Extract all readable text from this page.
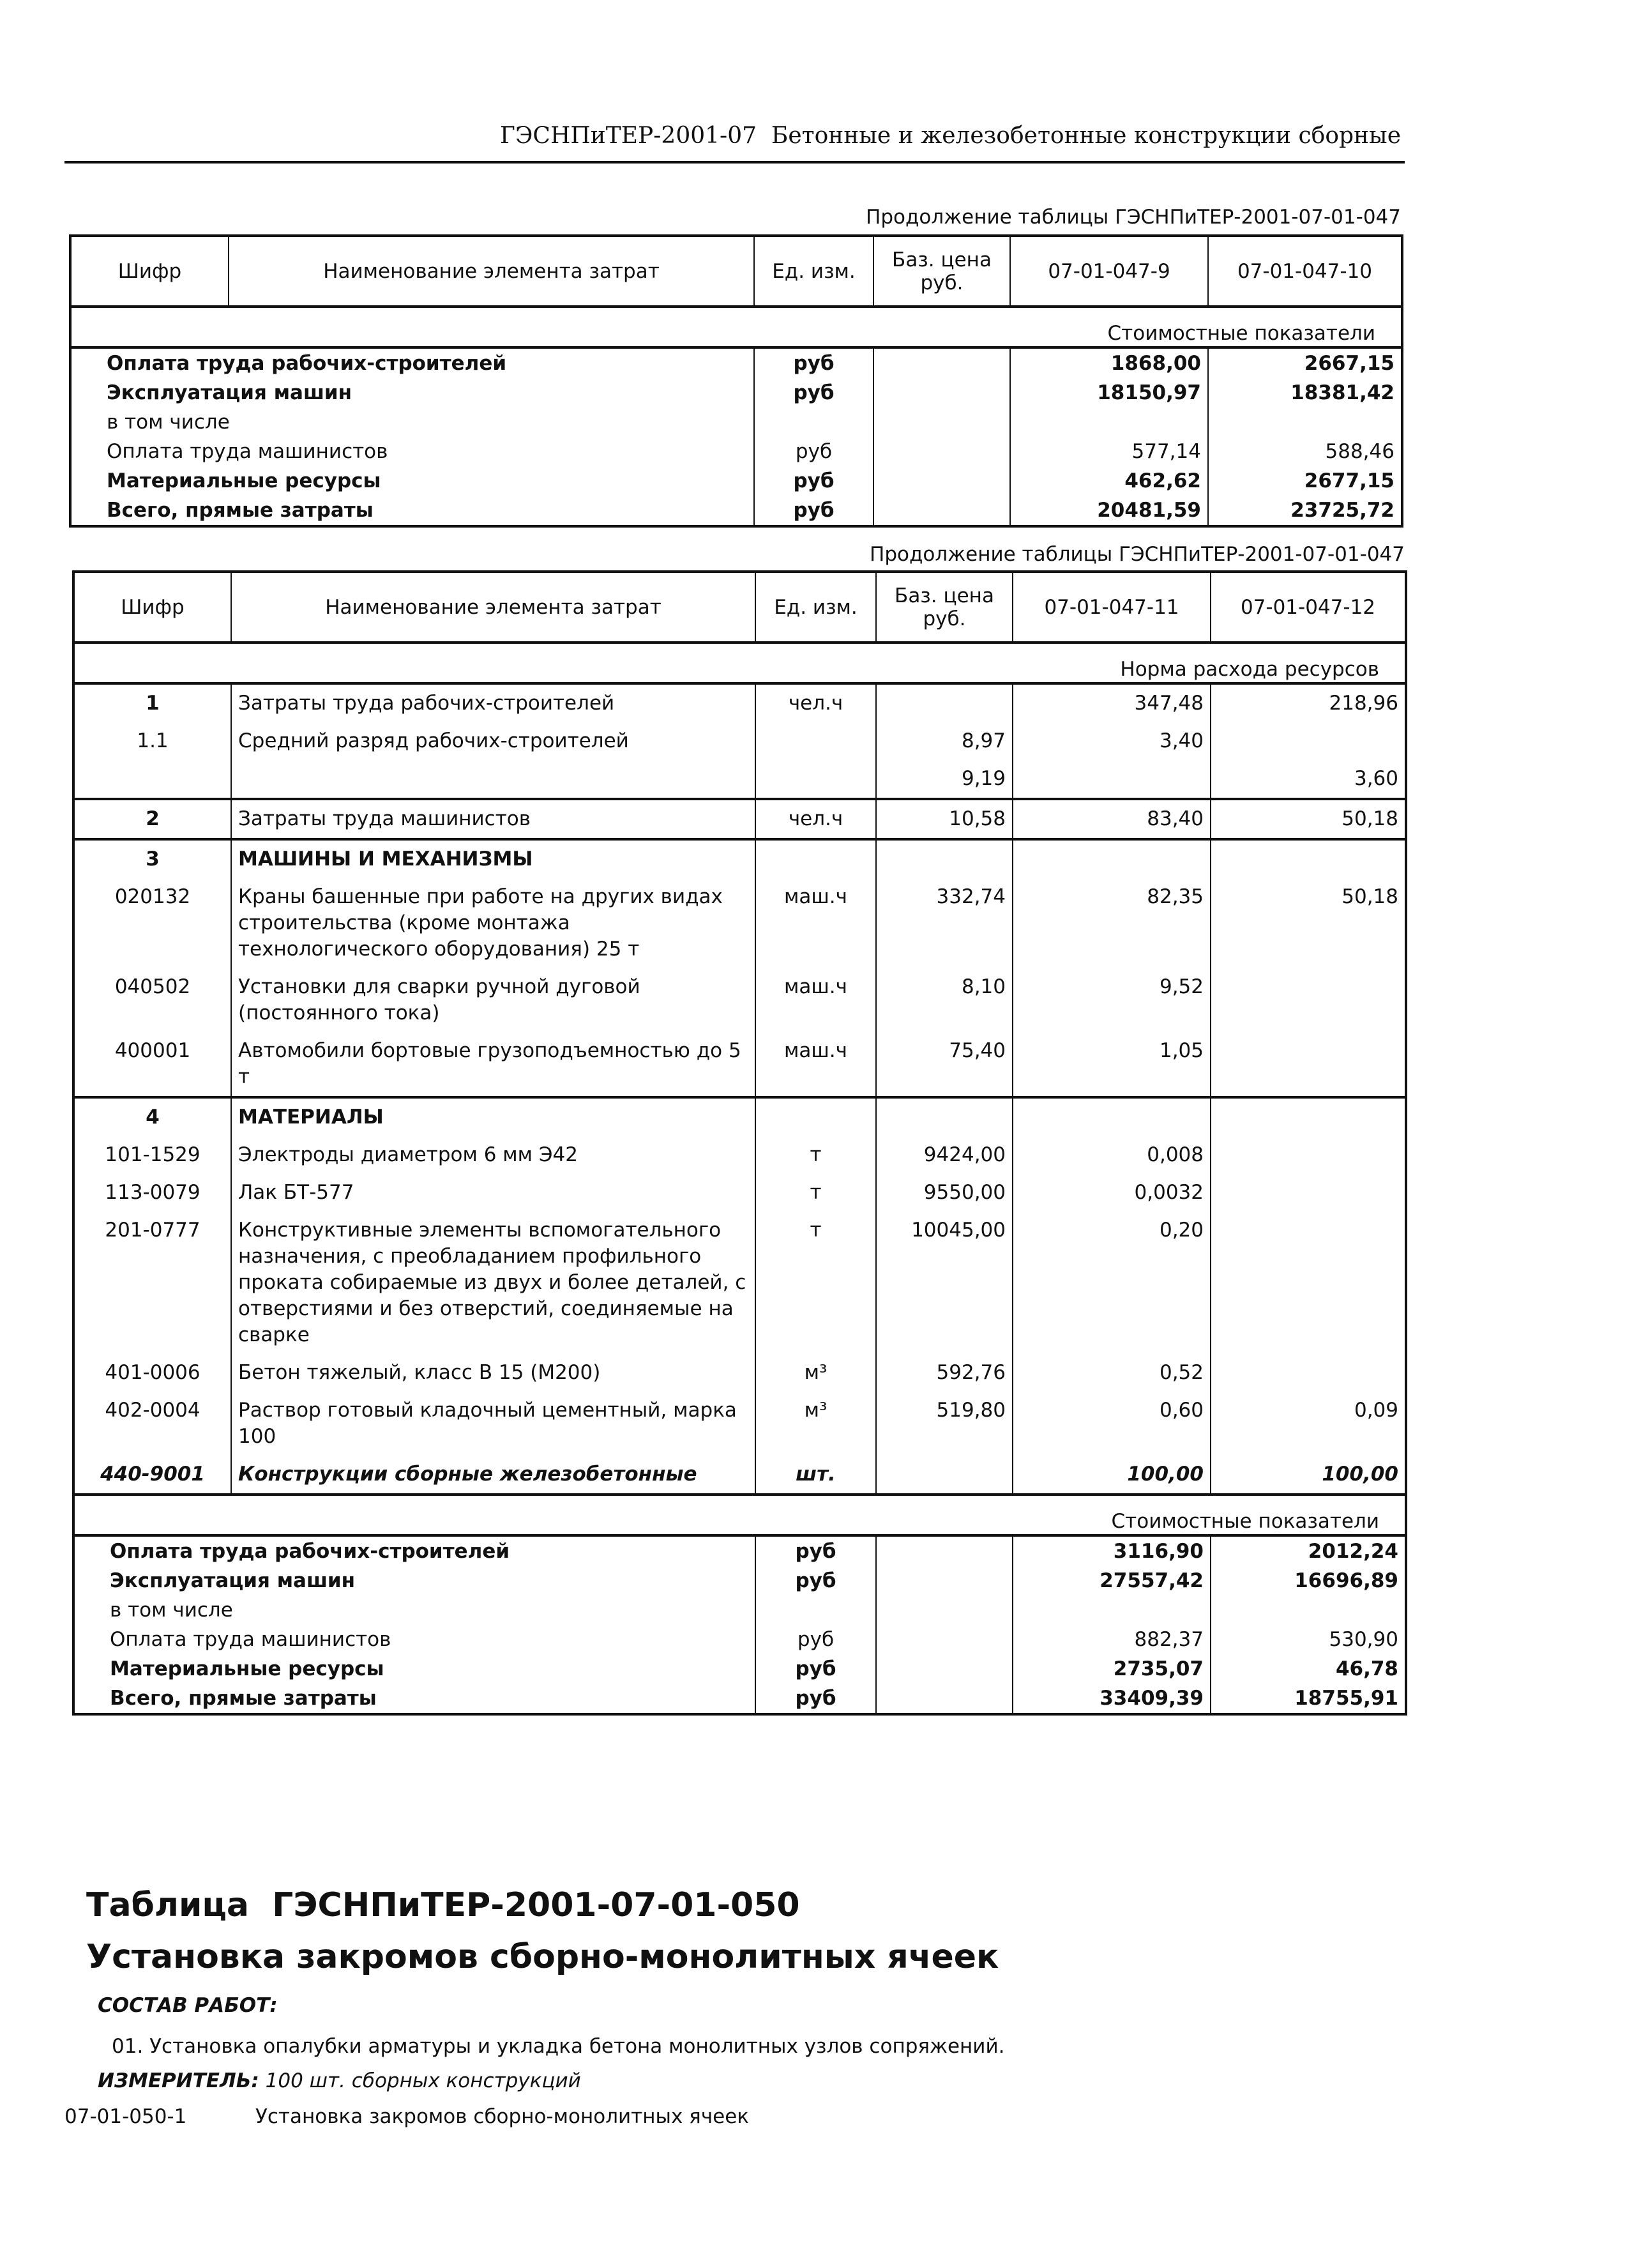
ГЭСНПиТЕР-2001-07  Бетонные и железобетонные конструкции сборные
Продолжение таблицы ГЭСНПиТЕР-2001-07-01-047
Шифр	Наименование элемента затрат	Ед. изм.	Баз. цена руб.	07-01-047-9	07-01-047-10
Стоимостные показатели					
Оплата труда рабочих-строителей		руб		1868,00	2667,15
Эксплуатация машин		руб		18150,97	18381,42
в том числе					
Оплата труда машинистов		руб		577,14	588,46
Материальные ресурсы		руб		462,62	2677,15
Всего, прямые затраты		руб		20481,59	23725,72
Продолжение таблицы ГЭСНПиТЕР-2001-07-01-047
Шифр	Наименование элемента затрат	Ед. изм.	Баз. цена руб.	07-01-047-11	07-01-047-12
Норма расхода ресурсов					
1	Затраты труда рабочих-строителей	чел.ч		347,48	218,96
1.1	Средний разряд рабочих-строителей		8,97	3,40	
			9,19		3,60
2	Затраты труда машинистов	чел.ч	10,58	83,40	50,18
3	МАШИНЫ И МЕХАНИЗМЫ				
020132	Краны башенные при работе на других видах строительства (кроме монтажа технологического оборудования) 25 т	маш.ч	332,74	82,35	50,18
040502	Установки для сварки ручной дуговой (постоянного тока)	маш.ч	8,10	9,52	
400001	Автомобили бортовые грузоподъемностью до 5 т	маш.ч	75,40	1,05	
4	МАТЕРИАЛЫ				
101-1529	Электроды диаметром 6 мм Э42	т	9424,00	0,008	
113-0079	Лак БТ-577	т	9550,00	0,0032	
201-0777	Конструктивные элементы вспомогательного назначения, с преобладанием профильного проката собираемые из двух и более деталей, с отверстиями и без отверстий, соединяемые на сварке	т	10045,00	0,20	
401-0006	Бетон тяжелый, класс В 15 (М200)	м³	592,76	0,52	
402-0004	Раствор готовый кладочный цементный, марка 100	м³	519,80	0,60	0,09
440-9001	Конструкции сборные железобетонные	шт.		100,00	100,00
Стоимостные показатели					
Оплата труда рабочих-строителей		руб		3116,90	2012,24
Эксплуатация машин		руб		27557,42	16696,89
в том числе					
Оплата труда машинистов		руб		882,37	530,90
Материальные ресурсы		руб		2735,07	46,78
Всего, прямые затраты		руб		33409,39	18755,91
Таблица  ГЭСНПиТЕР-2001-07-01-050
Установка закромов сборно-монолитных ячеек
СОСТАВ РАБОТ:
01. Установка опалубки арматуры и укладка бетона монолитных узлов сопряжений.
ИЗМЕРИТЕЛЬ: 100 шт. сборных конструкций
07-01-050-1	Установка закромов сборно-монолитных ячеек
